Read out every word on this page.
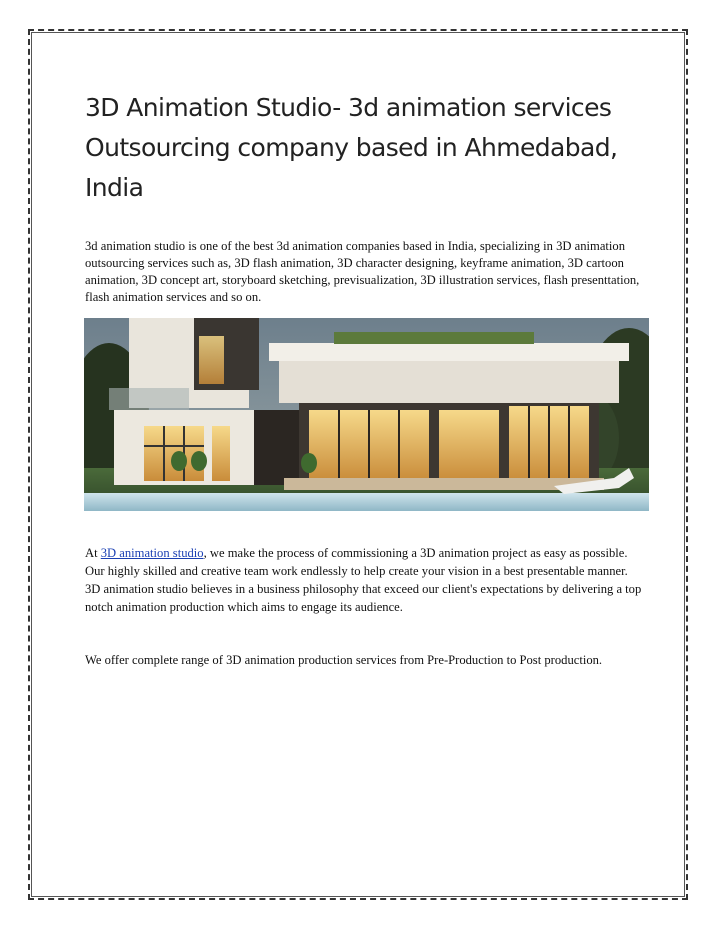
3D Animation Studio- 3d animation services Outsourcing company based in Ahmedabad, India

3d animation studio is one of the best 3d animation companies based in India, specializing in 3D animation outsourcing services such as, 3D flash animation, 3D character designing, keyframe animation, 3D cartoon animation, 3D concept art, storyboard sketching, previsualization, 3D illustration services, flash presenttation, flash animation services and so on.

At 3D animation studio, we make the process of commissioning a 3D animation project as easy as possible. Our highly skilled and creative team work endlessly to help create your vision in a best presentable manner. 3D animation studio believes in a business philosophy that exceed our client's expectations by delivering a top notch animation production which aims to engage its audience.

We offer complete range of 3D animation production services from Pre-Production to Post production.
